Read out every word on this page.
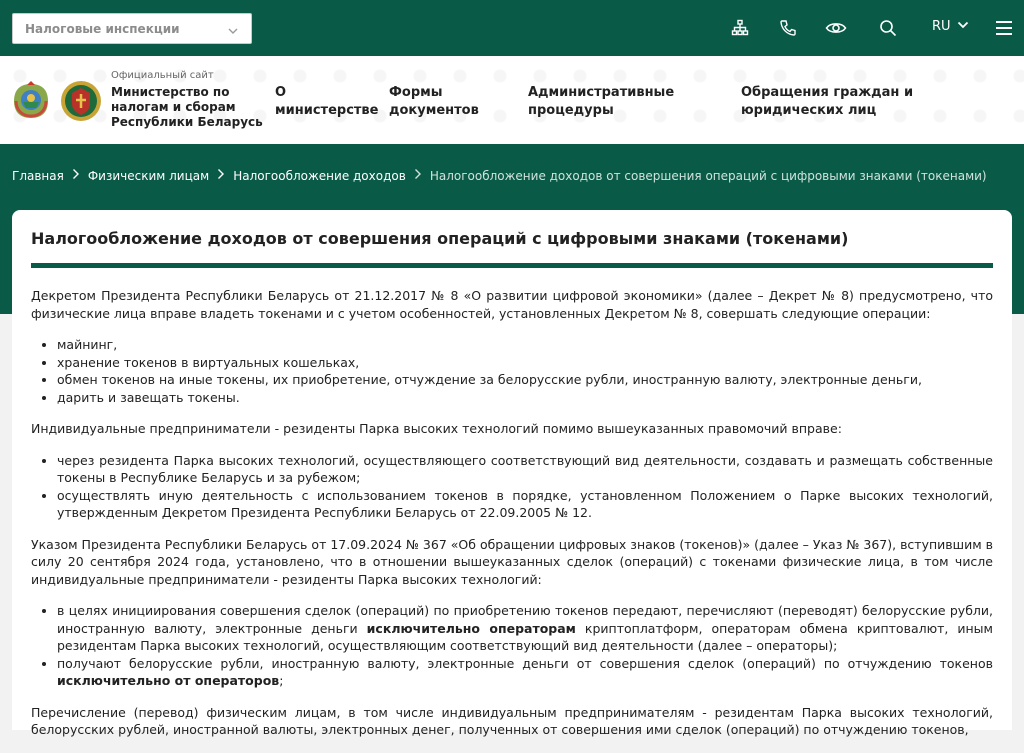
Налоговые инспекции	RU
Официальный сайт
Министерство по налогам и сборам Республики Беларусь
О министерстве
Формы документов
Административные процедуры
Обращения граждан и юридических лиц
Главная Физическим лицам Налогообложение доходов Налогообложение доходов от совершения операций с цифровыми знаками (токенами)
Налогообложение доходов от совершения операций с цифровыми знаками (токенами)

Декретом Президента Республики Беларусь от 21.12.2017 № 8 «О развитии цифровой экономики» (далее – Декрет № 8) предусмотрено, что физические лица вправе владеть токенами и с учетом особенностей, установленных Декретом № 8, совершать следующие операции:

• майнинг,
• хранение токенов в виртуальных кошельках,
• обмен токенов на иные токены, их приобретение, отчуждение за белорусские рубли, иностранную валюту, электронные деньги,
• дарить и завещать токены.

Индивидуальные предприниматели - резиденты Парка высоких технологий помимо вышеуказанных правомочий вправе:

• через резидента Парка высоких технологий, осуществляющего соответствующий вид деятельности, создавать и размещать собственные токены в Республике Беларусь и за рубежом;
• осуществлять иную деятельность с использованием токенов в порядке, установленном Положением о Парке высоких технологий, утвержденным Декретом Президента Республики Беларусь от 22.09.2005 № 12.

Указом Президента Республики Беларусь от 17.09.2024 № 367 «Об обращении цифровых знаков (токенов)» (далее – Указ № 367), вступившим в силу 20 сентября 2024 года, установлено, что в отношении вышеуказанных сделок (операций) с токенами физические лица, в том числе индивидуальные предприниматели - резиденты Парка высоких технологий:

• в целях инициирования совершения сделок (операций) по приобретению токенов передают, перечисляют (переводят) белорусские рубли, иностранную валюту, электронные деньги исключительно операторам криптоплатформ, операторам обмена криптовалют, иным резидентам Парка высоких технологий, осуществляющим соответствующий вид деятельности (далее – операторы);
• получают белорусские рубли, иностранную валюту, электронные деньги от совершения сделок (операций) по отчуждению токенов исключительно от операторов;

Перечисление (перевод) физическим лицам, в том числе индивидуальным предпринимателям - резидентам Парка высоких технологий, белорусских рублей, иностранной валюты, электронных денег, полученных от совершения ими сделок (операций) по отчуждению токенов,
